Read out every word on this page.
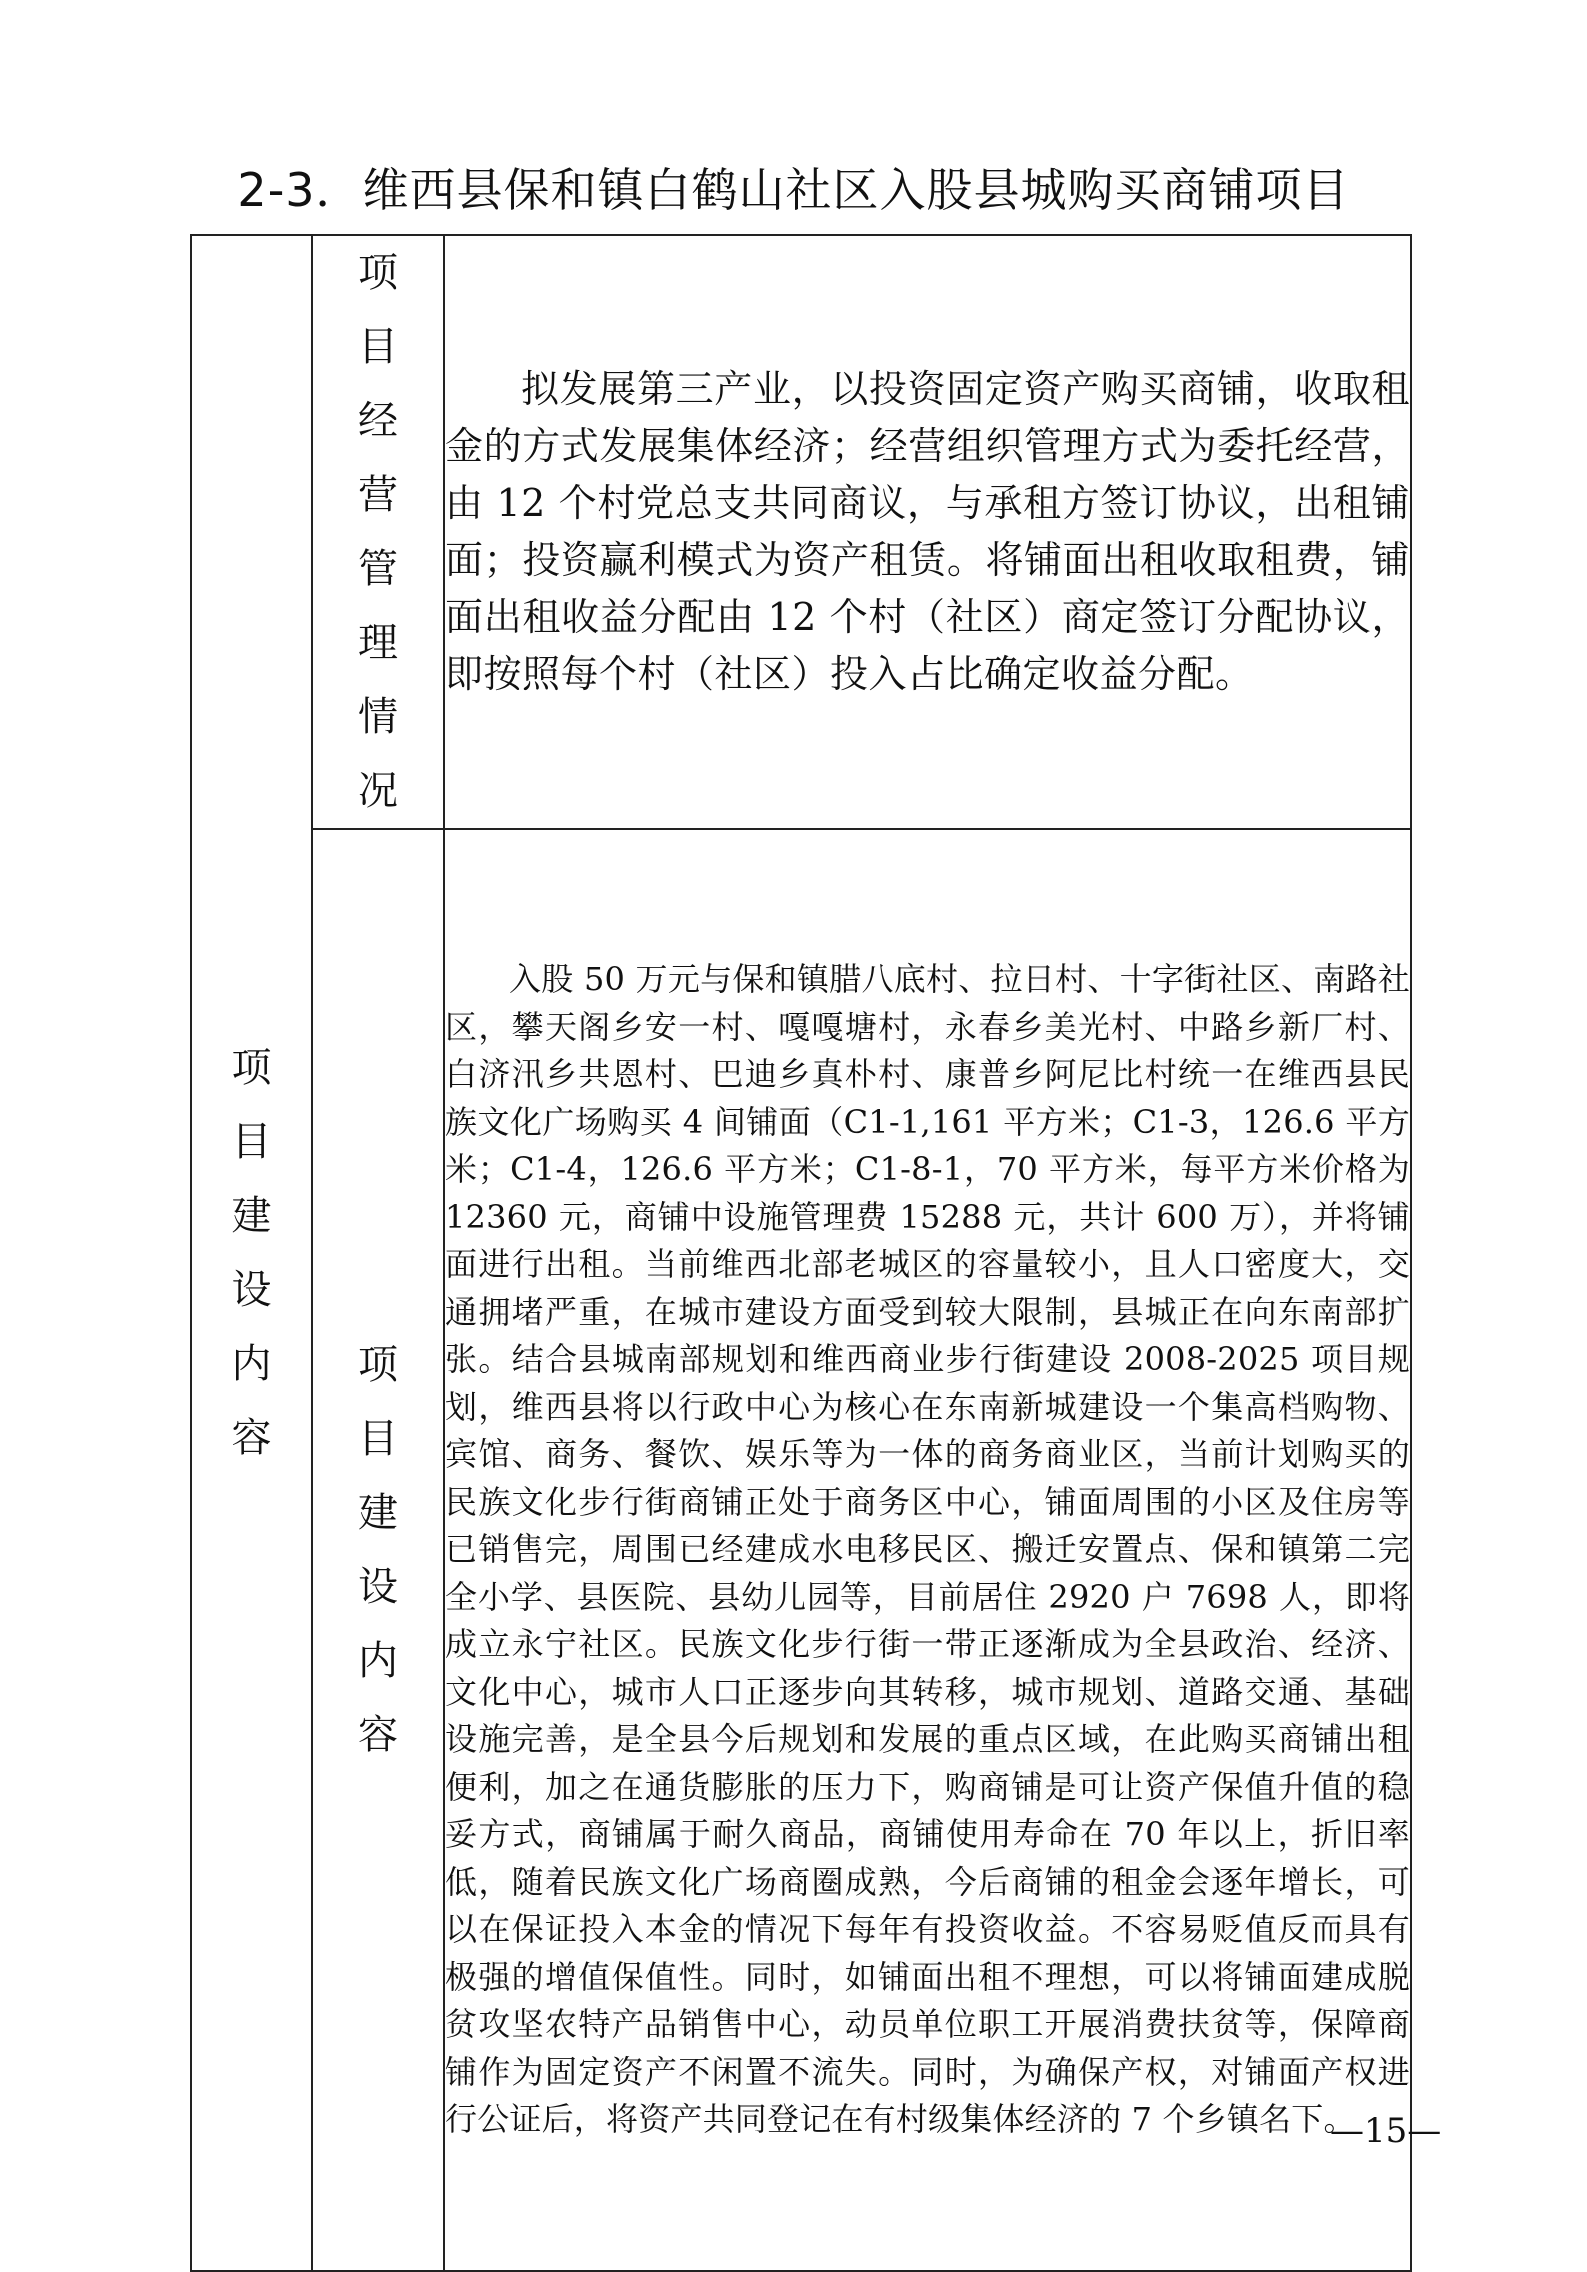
2-3．维西县保和镇白鹤山社区入股县城购买商铺项目
项目建设内容	项目经营管理情况	拟发展第三产业，以投资固定资产购买商铺，收取租金的方式发展集体经济；经营组织管理方式为委托经营，由 12 个村党总支共同商议，与承租方签订协议，出租铺面；投资赢利模式为资产租赁。将铺面出租收取租费，铺面出租收益分配由 12 个村（社区）商定签订分配协议，即按照每个村（社区）投入占比确定收益分配。

	项目建设内容	入股 50 万元与保和镇腊八底村、拉日村、十字街社区、南路社区，攀天阁乡安一村、嘎嘎塘村，永春乡美光村、中路乡新厂村、白济汛乡共恩村、巴迪乡真朴村、康普乡阿尼比村统一在维西县民族文化广场购买 4 间铺面（C1-1,161 平方米；C1-3，126.6 平方米；C1-4，126.6 平方米；C1-8-1，70 平方米，每平方米价格为 12360 元，商铺中设施管理费 15288 元，共计 600 万），并将铺面进行出租。当前维西北部老城区的容量较小，且人口密度大，交通拥堵严重，在城市建设方面受到较大限制，县城正在向东南部扩张。结合县城南部规划和维西商业步行街建设 2008-2025 项目规划，维西县将以行政中心为核心在东南新城建设一个集高档购物、宾馆、商务、餐饮、娱乐等为一体的商务商业区，当前计划购买的民族文化步行街商铺正处于商务区中心，铺面周围的小区及住房等已销售完，周围已经建成水电移民区、搬迁安置点、保和镇第二完全小学、县医院、县幼儿园等，目前居住 2920 户 7698 人，即将成立永宁社区。民族文化步行街一带正逐渐成为全县政治、经济、文化中心，城市人口正逐步向其转移，城市规划、道路交通、基础设施完善，是全县今后规划和发展的重点区域，在此购买商铺出租便利，加之在通货膨胀的压力下，购商铺是可让资产保值升值的稳妥方式，商铺属于耐久商品，商铺使用寿命在 70 年以上，折旧率低，随着民族文化广场商圈成熟，今后商铺的租金会逐年增长，可以在保证投入本金的情况下每年有投资收益。不容易贬值反而具有极强的增值保值性。同时，如铺面出租不理想，可以将铺面建成脱贫攻坚农特产品销售中心，动员单位职工开展消费扶贫等，保障商铺作为固定资产不闲置不流失。同时，为确保产权，对铺面产权进行公证后，将资产共同登记在有村级集体经济的 7 个乡镇名下。

—15—
